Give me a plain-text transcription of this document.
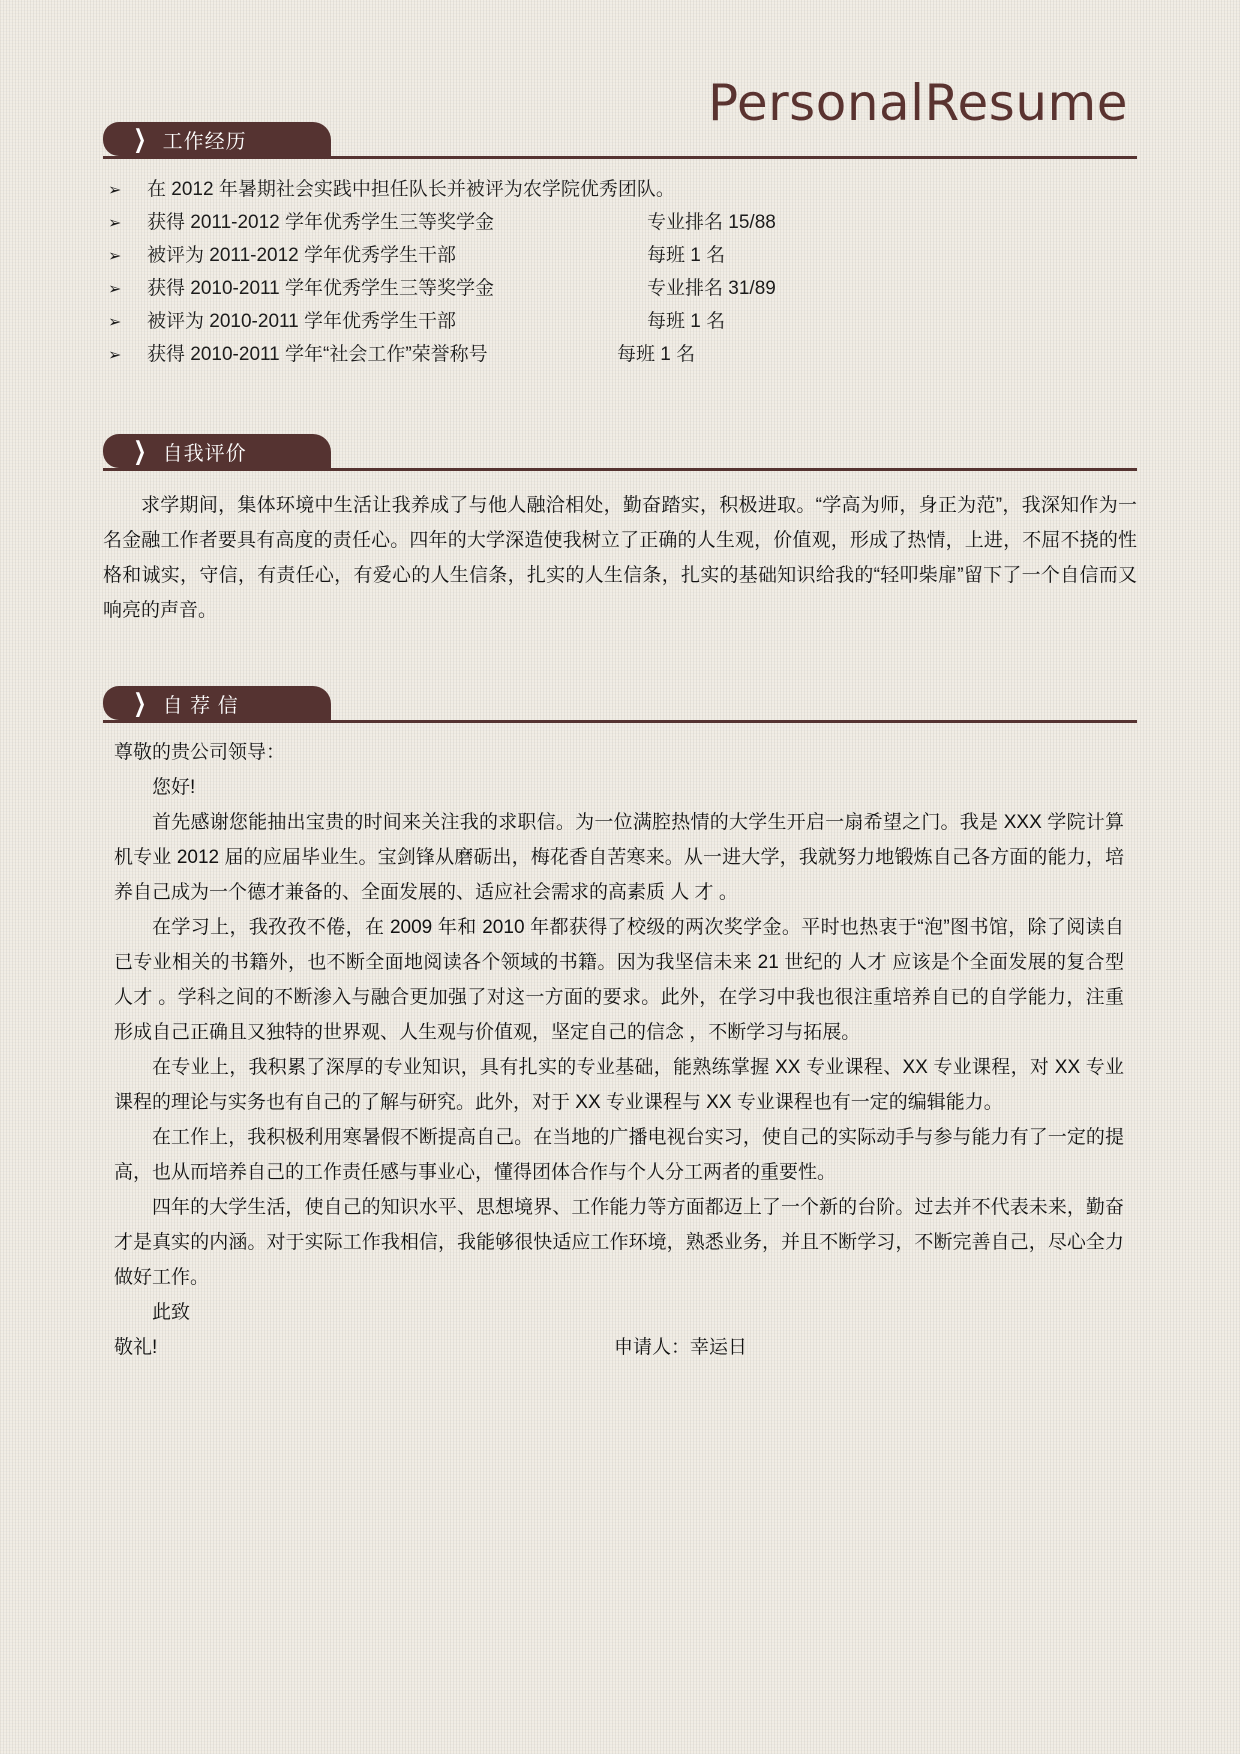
PersonalResume
❯ 工作经历
➢	在 2012 年暑期社会实践中担任队长并被评为农学院优秀团队。
➢	获得 2011-2012 学年优秀学生三等奖学金	专业排名 15/88
➢	被评为 2011-2012 学年优秀学生干部	每班 1 名
➢	获得 2010-2011 学年优秀学生三等奖学金	专业排名 31/89
➢	被评为 2010-2011 学年优秀学生干部	每班 1 名
➢	获得 2010-2011 学年“社会工作”荣誉称号	每班 1 名
❯ 自我评价

求学期间，集体环境中生活让我养成了与他人融洽相处，勤奋踏实，积极进取。“学高为师，身正为范”，我深知作为一名金融工作者要具有高度的责任心。四年的大学深造使我树立了正确的人生观，价值观，形成了热情，上进，不屈不挠的性格和诚实，守信，有责任心，有爱心的人生信条，扎实的人生信条，扎实的基础知识给我的“轻叩柴扉”留下了一个自信而又响亮的声音。

❯ 自 荐 信

尊敬的贵公司领导：

您好!

首先感谢您能抽出宝贵的时间来关注我的求职信。为一位满腔热情的大学生开启一扇希望之门。我是 XXX 学院计算机专业 2012 届的应届毕业生。宝剑锋从磨砺出，梅花香自苦寒来。从一进大学，我就努力地锻炼自己各方面的能力，培养自己成为一个德才兼备的、全面发展的、适应社会需求的高素质 人 才 。

在学习上，我孜孜不倦，在 2009 年和 2010 年都获得了校级的两次奖学金。平时也热衷于“泡”图书馆，除了阅读自已专业相关的书籍外，也不断全面地阅读各个领域的书籍。因为我坚信未来 21 世纪的 人才 应该是个全面发展的复合型 人才 。学科之间的不断渗入与融合更加强了对这一方面的要求。此外，在学习中我也很注重培养自已的自学能力，注重形成自己正确且又独特的世界观、人生观与价值观，坚定自己的信念 ，不断学习与拓展。

在专业上，我积累了深厚的专业知识，具有扎实的专业基础，能熟练掌握 XX 专业课程、XX 专业课程，对 XX 专业课程的理论与实务也有自己的了解与研究。此外，对于 XX 专业课程与 XX 专业课程也有一定的编辑能力。

在工作上，我积极利用寒暑假不断提高自己。在当地的广播电视台实习，使自己的实际动手与参与能力有了一定的提高，也从而培养自己的工作责任感与事业心，懂得团体合作与个人分工两者的重要性。

四年的大学生活，使自己的知识水平、思想境界、工作能力等方面都迈上了一个新的台阶。过去并不代表未来，勤奋才是真实的内涵。对于实际工作我相信，我能够很快适应工作环境，熟悉业务，并且不断学习，不断完善自己，尽心全力做好工作。

此致

敬礼!	申请人：幸运日
